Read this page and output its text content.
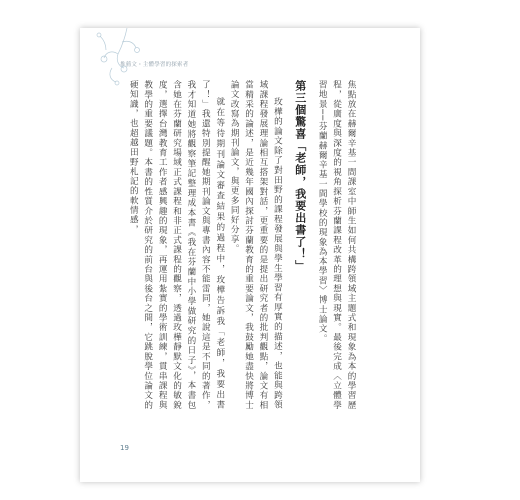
推薦文・主體學習的探索者

焦點放在赫爾辛基一間課室中師生如何共構跨領域主題式和現象為本的學習歷程，從廣度與深度的視角探析芬蘭課程改革的理想與現實。最後完成〈立體學習地景──芬蘭赫爾辛基一間學校的現象為本學習〉博士論文。

第三個驚喜「老師，我要出書了！」

玫樺的論文除了對田野的課程發展與學生學習有厚實的描述，也能與跨領域課程發展理論相互搭架對話，更重要的是提出研究者的批判觀點，論文有相當精采的論述，是近幾年國內探討芬蘭教育的重要論文，我鼓勵她盡快將博士論文改寫為期刊論文，與更多同好分享。

就在等待期刊論文審查結果的過程中，玫樺告訴我「老師，我要出書了！」我還特別提醒她期刊論文與專書內容不能雷同，她說這是不同的著作，我才知道她將觀察筆記整理成本書《我在芬蘭中小學做研究的日子》，本書包含她在芬蘭研究場域正式課程和非正式課程的觀察，透過玫樺靜默文化的敏銳度，選擇台灣教育工作者感興趣的現象，再運用紮實的學術訓練，貫串課程與教學的重要議題。本書的性質介於研究的前台與後台之間，它跳脫學位論文的硬知識，也超越田野札記的軟情感，

19
